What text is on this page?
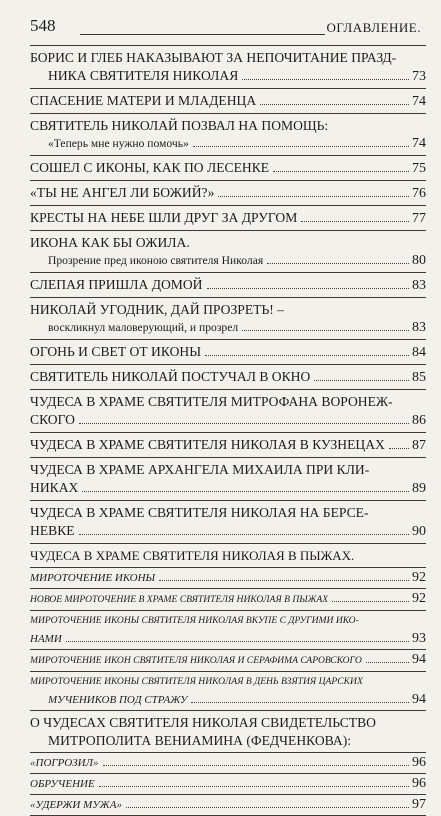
548	ОГЛАВЛЕНИЕ.
БОРИС И ГЛЕБ НАКАЗЫВАЮТ ЗА НЕПОЧИТАНИЕ ПРАЗД-
НИКА СВЯТИТЕЛЯ НИКОЛАЯ	73
СПАСЕНИЕ МАТЕРИ И МЛАДЕНЦА	74
СВЯТИТЕЛЬ НИКОЛАЙ ПОЗВАЛ НА ПОМОЩЬ:
«Теперь мне нужно помочь»	74
СОШЕЛ С ИКОНЫ, КАК ПО ЛЕСЕНКЕ	75
«ТЫ НЕ АНГЕЛ ЛИ БОЖИЙ?»	76
КРЕСТЫ НА НЕБЕ ШЛИ ДРУГ ЗА ДРУГОМ	77
ИКОНА КАК БЫ ОЖИЛА.
Прозрение пред иконою святителя Николая	80
СЛЕПАЯ ПРИШЛА ДОМОЙ	83
НИКОЛАЙ УГОДНИК, ДАЙ ПРОЗРЕТЬ! –
воскликнул маловерующий, и прозрел	83
ОГОНЬ И СВЕТ ОТ ИКОНЫ	84
СВЯТИТЕЛЬ НИКОЛАЙ ПОСТУЧАЛ В ОКНО	85
ЧУДЕСА В ХРАМЕ СВЯТИТЕЛЯ МИТРОФАНА ВОРОНЕЖ-
СКОГО	86
ЧУДЕСА В ХРАМЕ СВЯТИТЕЛЯ НИКОЛАЯ В КУЗНЕЦАХ 87
ЧУДЕСА В ХРАМЕ АРХАНГЕЛА МИХАИЛА ПРИ КЛИ-
НИКАХ	89
ЧУДЕСА В ХРАМЕ СВЯТИТЕЛЯ НИКОЛАЯ НА БЕРСЕ-
НЕВКЕ	90
ЧУДЕСА В ХРАМЕ СВЯТИТЕЛЯ НИКОЛАЯ В ПЫЖАХ.
МИРОТОЧЕНИЕ ИКОНЫ	92
НОВОЕ МИРОТОЧЕНИЕ В ХРАМЕ СВЯТИТЕЛЯ НИКОЛАЯ В ПЫЖАХ	92
МИРОТОЧЕНИЕ ИКОНЫ СВЯТИТЕЛЯ НИКОЛАЯ ВКУПЕ С ДРУГИМИ ИКО-
НАМИ	93
МИРОТОЧЕНИЕ ИКОН СВЯТИТЕЛЯ НИКОЛАЯ И СЕРАФИМА САРОВСКОГО	94
МИРОТОЧЕНИЕ ИКОНЫ СВЯТИТЕЛЯ НИКОЛАЯ В ДЕНЬ ВЗЯТИЯ ЦАРСКИХ
МУЧЕНИКОВ ПОД СТРАЖУ	94
О ЧУДЕСАХ СВЯТИТЕЛЯ НИКОЛАЯ СВИДЕТЕЛЬСТВО
МИТРОПОЛИТА ВЕНИАМИНА (ФЕДЧЕНКОВА):
«ПОГРОЗИЛ»	96
ОБРУЧЕНИЕ	96
«УДЕРЖИ МУЖА»	97
